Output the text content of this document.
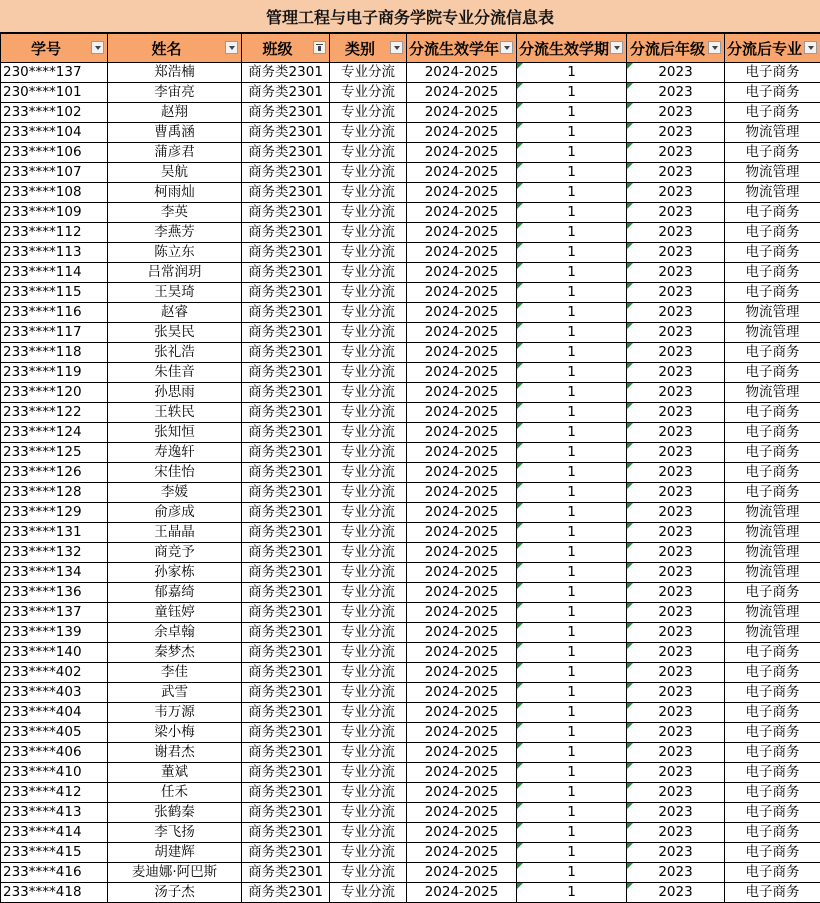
管理工程与电子商务学院专业分流信息表
学号	姓名	班级	类别	分流生效学年	分流生效学期	分流后年级	分流后专业

230****137	郑浩楠	商务类2301	专业分流	2024-2025	1	2023	电子商务
230****101	李宙亮	商务类2301	专业分流	2024-2025	1	2023	电子商务
233****102	赵翔	商务类2301	专业分流	2024-2025	1	2023	电子商务
233****104	曹禹涵	商务类2301	专业分流	2024-2025	1	2023	物流管理
233****106	蒲彦君	商务类2301	专业分流	2024-2025	1	2023	电子商务
233****107	吴航	商务类2301	专业分流	2024-2025	1	2023	物流管理
233****108	柯雨灿	商务类2301	专业分流	2024-2025	1	2023	物流管理
233****109	李英	商务类2301	专业分流	2024-2025	1	2023	电子商务
233****112	李燕芳	商务类2301	专业分流	2024-2025	1	2023	电子商务
233****113	陈立东	商务类2301	专业分流	2024-2025	1	2023	电子商务
233****114	吕常润玥	商务类2301	专业分流	2024-2025	1	2023	电子商务
233****115	王昊琦	商务类2301	专业分流	2024-2025	1	2023	电子商务
233****116	赵睿	商务类2301	专业分流	2024-2025	1	2023	物流管理
233****117	张昊民	商务类2301	专业分流	2024-2025	1	2023	物流管理
233****118	张礼浩	商务类2301	专业分流	2024-2025	1	2023	电子商务
233****119	朱佳音	商务类2301	专业分流	2024-2025	1	2023	电子商务
233****120	孙思雨	商务类2301	专业分流	2024-2025	1	2023	物流管理
233****122	王轶民	商务类2301	专业分流	2024-2025	1	2023	电子商务
233****124	张知恒	商务类2301	专业分流	2024-2025	1	2023	电子商务
233****125	寿逸轩	商务类2301	专业分流	2024-2025	1	2023	电子商务
233****126	宋佳怡	商务类2301	专业分流	2024-2025	1	2023	电子商务
233****128	李媛	商务类2301	专业分流	2024-2025	1	2023	电子商务
233****129	俞彦成	商务类2301	专业分流	2024-2025	1	2023	物流管理
233****131	王晶晶	商务类2301	专业分流	2024-2025	1	2023	物流管理
233****132	商竞予	商务类2301	专业分流	2024-2025	1	2023	物流管理
233****134	孙家栋	商务类2301	专业分流	2024-2025	1	2023	物流管理
233****136	郁嘉绮	商务类2301	专业分流	2024-2025	1	2023	电子商务
233****137	童钰婷	商务类2301	专业分流	2024-2025	1	2023	物流管理
233****139	余卓翰	商务类2301	专业分流	2024-2025	1	2023	物流管理
233****140	秦梦杰	商务类2301	专业分流	2024-2025	1	2023	电子商务
233****402	李佳	商务类2301	专业分流	2024-2025	1	2023	电子商务
233****403	武雪	商务类2301	专业分流	2024-2025	1	2023	电子商务
233****404	韦万源	商务类2301	专业分流	2024-2025	1	2023	电子商务
233****405	梁小梅	商务类2301	专业分流	2024-2025	1	2023	电子商务
233****406	谢君杰	商务类2301	专业分流	2024-2025	1	2023	电子商务
233****410	董斌	商务类2301	专业分流	2024-2025	1	2023	电子商务
233****412	任禾	商务类2301	专业分流	2024-2025	1	2023	电子商务
233****413	张鹤秦	商务类2301	专业分流	2024-2025	1	2023	电子商务
233****414	李飞扬	商务类2301	专业分流	2024-2025	1	2023	电子商务
233****415	胡建辉	商务类2301	专业分流	2024-2025	1	2023	电子商务
233****416	麦迪娜·阿巴斯	商务类2301	专业分流	2024-2025	1	2023	电子商务
233****418	汤子杰	商务类2301	专业分流	2024-2025	1	2023	电子商务
